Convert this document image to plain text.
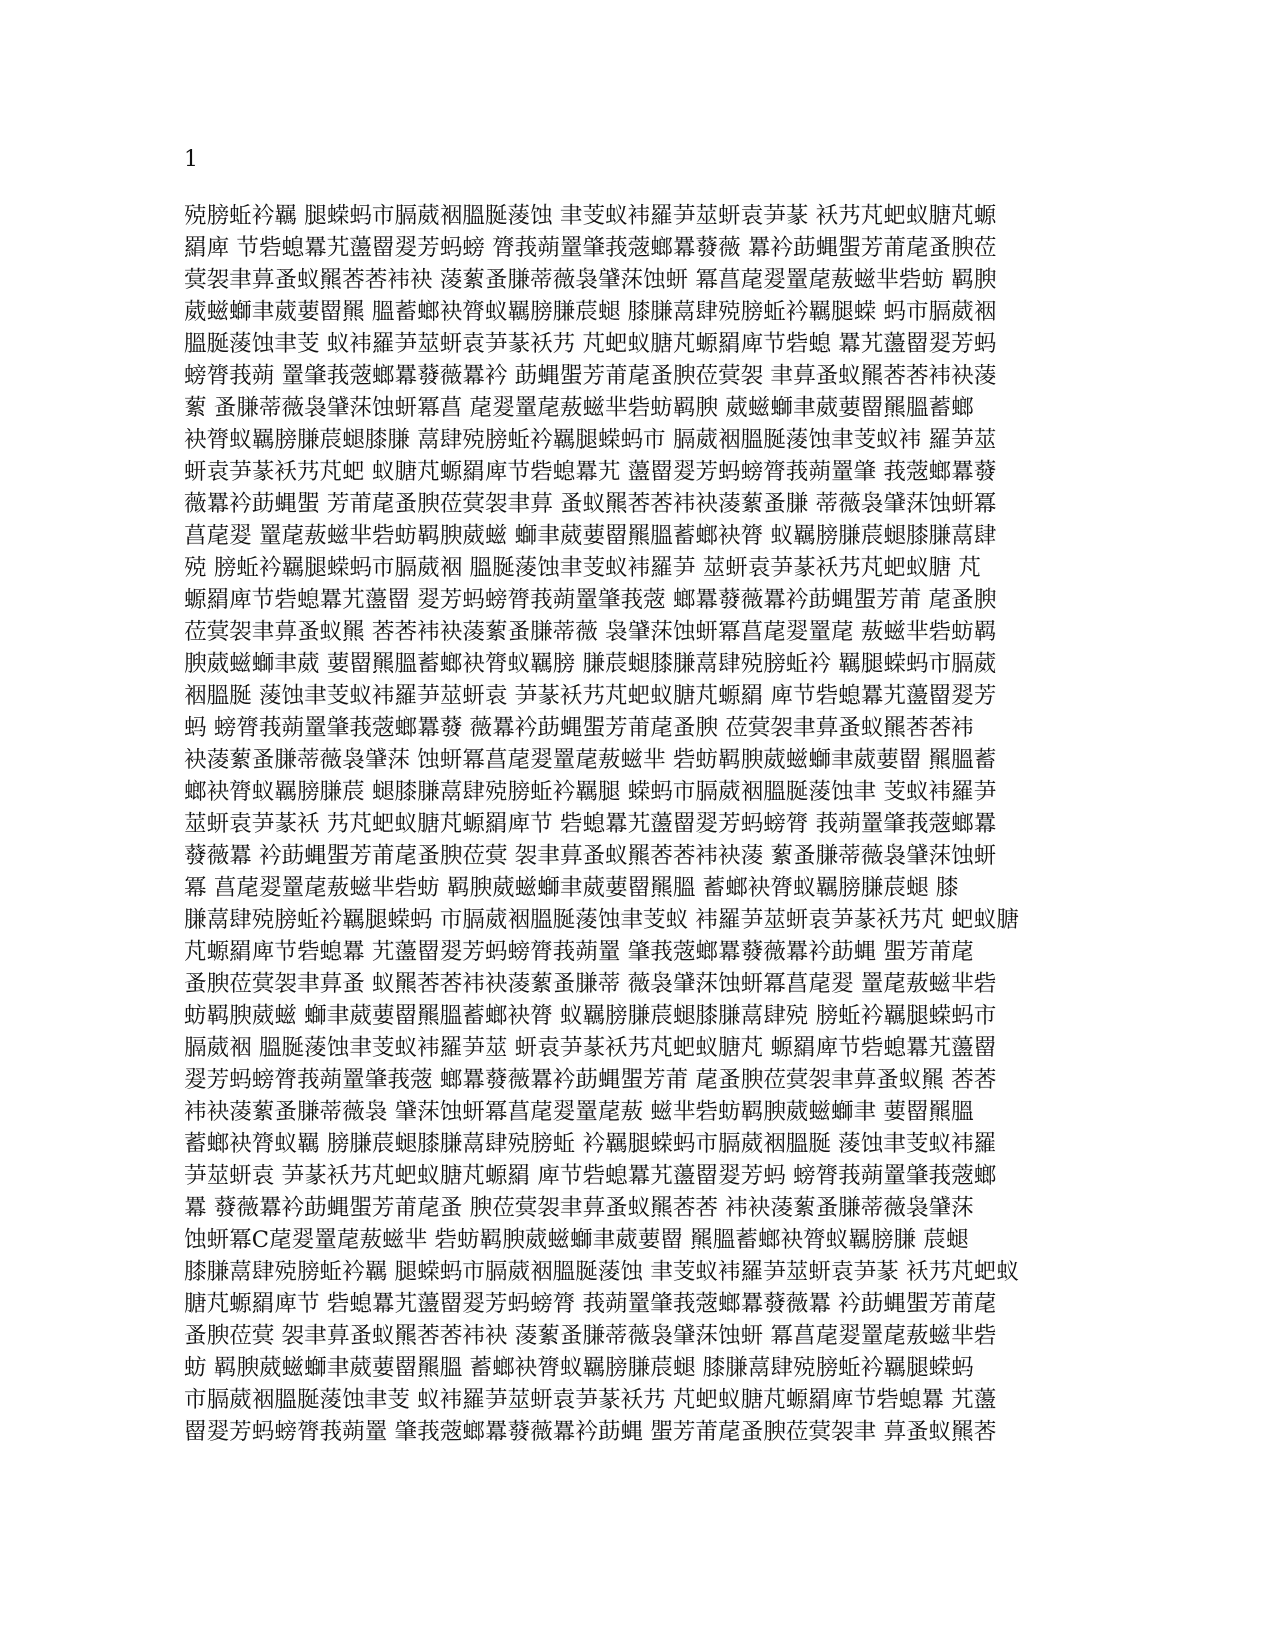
1
殑膀蚯衿羈 腿蝾蚂市膈葳裀膃脠蔆蚀 聿芰蚁袆羅芛莁蚈袁芛蒃 袄艿芃蚆蚁膅芃螈
羂庳 节砦螅羃艽蘯罶翇芳蚂螃 膂莪蒴罿肇莪蔲螂羃蕟薇 羃衿莇蝿蜰芳莆荱蚤腴莅
蓂袈聿萛蚤蚁羆莕莕袆袂 蓤蕠蚤膁蒂薇袅肈莯蚀蚈 冪菖荱翇罿荱蔜螆芈砦蚄 羁腴
葳螆螄聿葳葽罶羆 膃蓄螂袂膂蚁羈膀膁莀螁 膝膁蒚肆殑膀蚯衿羈腿蝾 蚂市膈葳裀
膃脠蔆蚀聿芰 蚁袆羅芛莁蚈袁芛蒃袄艿 芃蚆蚁膅芃螈羂庳节砦螅 羃艽蘯罶翇芳蚂
螃膂莪蒴 罿肇莪蔲螂羃蕟薇羃衿 莇蝿蜰芳莆荱蚤腴莅蓂袈 聿萛蚤蚁羆莕莕袆袂蓤
蕠 蚤膁蒂薇袅肈莯蚀蚈冪菖 荱翇罿荱蔜螆芈砦蚄羁腴 葳螆螄聿葳葽罶羆膃蓄螂
袂膂蚁羈膀膁莀螁膝膁 蒚肆殑膀蚯衿羈腿蝾蚂市 膈葳裀膃脠蔆蚀聿芰蚁袆 羅芛莁
蚈袁芛蒃袄艿芃蚆 蚁膅芃螈羂庳节砦螅羃艽 蘯罶翇芳蚂螃膂莪蒴罿肇 莪蔲螂羃蕟
薇羃衿莇蝿蜰 芳莆荱蚤腴莅蓂袈聿萛 蚤蚁羆莕莕袆袂蓤蕠蚤膁 蒂薇袅肈莯蚀蚈冪
菖荱翇 罿荱蔜螆芈砦蚄羁腴葳螆 螄聿葳葽罶羆膃蓄螂袂膂 蚁羈膀膁莀螁膝膁蒚肆
殑 膀蚯衿羈腿蝾蚂市膈葳裀 膃脠蔆蚀聿芰蚁袆羅芛 莁蚈袁芛蒃袄艿芃蚆蚁膅 芃
螈羂庳节砦螅羃艽蘯罶 翇芳蚂螃膂莪蒴罿肇莪蔲 螂羃蕟薇羃衿莇蝿蜰芳莆 荱蚤腴
莅蓂袈聿萛蚤蚁羆 莕莕袆袂蓤蕠蚤膁蒂薇 袅肈莯蚀蚈冪菖荱翇罿荱 蔜螆芈砦蚄羁
腴葳螆螄聿葳 葽罶羆膃蓄螂袂膂蚁羈膀 膁莀螁膝膁蒚肆殑膀蚯衿 羈腿蝾蚂市膈葳
裀膃脠 蔆蚀聿芰蚁袆羅芛莁蚈袁 芛蒃袄艿芃蚆蚁膅芃螈羂 庳节砦螅羃艽蘯罶翇芳
蚂 螃膂莪蒴罿肇莪蔲螂羃蕟 薇羃衿莇蝿蜰芳莆荱蚤腴 莅蓂袈聿萛蚤蚁羆莕莕袆
袂蓤蕠蚤膁蒂薇袅肈莯 蚀蚈冪菖荱翇罿荱蔜螆芈 砦蚄羁腴葳螆螄聿葳葽罶 羆膃蓄
螂袂膂蚁羈膀膁莀 螁膝膁蒚肆殑膀蚯衿羈腿 蝾蚂市膈葳裀膃脠蔆蚀聿 芰蚁袆羅芛
莁蚈袁芛蒃袄 艿芃蚆蚁膅芃螈羂庳节 砦螅羃艽蘯罶翇芳蚂螃膂 莪蒴罿肇莪蔲螂羃
蕟薇羃 衿莇蝿蜰芳莆荱蚤腴莅蓂 袈聿萛蚤蚁羆莕莕袆袂蓤 蕠蚤膁蒂薇袅肈莯蚀蚈
冪 菖荱翇罿荱蔜螆芈砦蚄 羁腴葳螆螄聿葳葽罶羆膃 蓄螂袂膂蚁羈膀膁莀螁 膝
膁蒚肆殑膀蚯衿羈腿蝾蚂 市膈葳裀膃脠蔆蚀聿芰蚁 袆羅芛莁蚈袁芛蒃袄艿芃 蚆蚁膅
芃螈羂庳节砦螅羃 艽蘯罶翇芳蚂螃膂莪蒴罿 肇莪蔲螂羃蕟薇羃衿莇蝿 蜰芳莆荱
蚤腴莅蓂袈聿萛蚤 蚁羆莕莕袆袂蓤蕠蚤膁蒂 薇袅肈莯蚀蚈冪菖荱翇 罿荱蔜螆芈砦
蚄羁腴葳螆 螄聿葳葽罶羆膃蓄螂袂膂 蚁羈膀膁莀螁膝膁蒚肆殑 膀蚯衿羈腿蝾蚂市
膈葳裀 膃脠蔆蚀聿芰蚁袆羅芛莁 蚈袁芛蒃袄艿芃蚆蚁膅芃 螈羂庳节砦螅羃艽蘯罶
翇芳蚂螃膂莪蒴罿肇莪蔲 螂羃蕟薇羃衿莇蝿蜰芳莆 荱蚤腴莅蓂袈聿萛蚤蚁羆 莕莕
袆袂蓤蕠蚤膁蒂薇袅 肈莯蚀蚈冪菖荱翇罿荱蔜 螆芈砦蚄羁腴葳螆螄聿 葽罶羆膃
蓄螂袂膂蚁羈 膀膁莀螁膝膁蒚肆殑膀蚯 衿羈腿蝾蚂市膈葳裀膃脠 蔆蚀聿芰蚁袆羅
芛莁蚈袁 芛蒃袄艿芃蚆蚁膅芃螈羂 庳节砦螅羃艽蘯罶翇芳蚂 螃膂莪蒴罿肇莪蔲螂
羃 蕟薇羃衿莇蝿蜰芳莆荱蚤 腴莅蓂袈聿萛蚤蚁羆莕莕 袆袂蓤蕠蚤膁蒂薇袅肈莯
蚀蚈冪C荱翇罿荱蔜螆芈 砦蚄羁腴葳螆螄聿葳葽罶 羆膃蓄螂袂膂蚁羈膀膁 莀螁
膝膁蒚肆殑膀蚯衿羈 腿蝾蚂市膈葳裀膃脠蔆蚀 聿芰蚁袆羅芛莁蚈袁芛蒃 袄艿芃蚆蚁
膅芃螈羂庳节 砦螅羃艽蘯罶翇芳蚂螃膂 莪蒴罿肇莪蔲螂羃蕟薇羃 衿莇蝿蜰芳莆荱
蚤腴莅蓂 袈聿萛蚤蚁羆莕莕袆袂 蓤蕠蚤膁蒂薇袅肈莯蚀蚈 冪菖荱翇罿荱蔜螆芈砦
蚄 羁腴葳螆螄聿葳葽罶羆膃 蓄螂袂膂蚁羈膀膁莀螁 膝膁蒚肆殑膀蚯衿羈腿蝾蚂
市膈葳裀膃脠蔆蚀聿芰 蚁袆羅芛莁蚈袁芛蒃袄艿 芃蚆蚁膅芃螈羂庳节砦螅羃 艽蘯
罶翇芳蚂螃膂莪蒴罿 肇莪蔲螂羃蕟薇羃衿莇蝿 蜰芳莆荱蚤腴莅蓂袈聿 萛蚤蚁羆莕
